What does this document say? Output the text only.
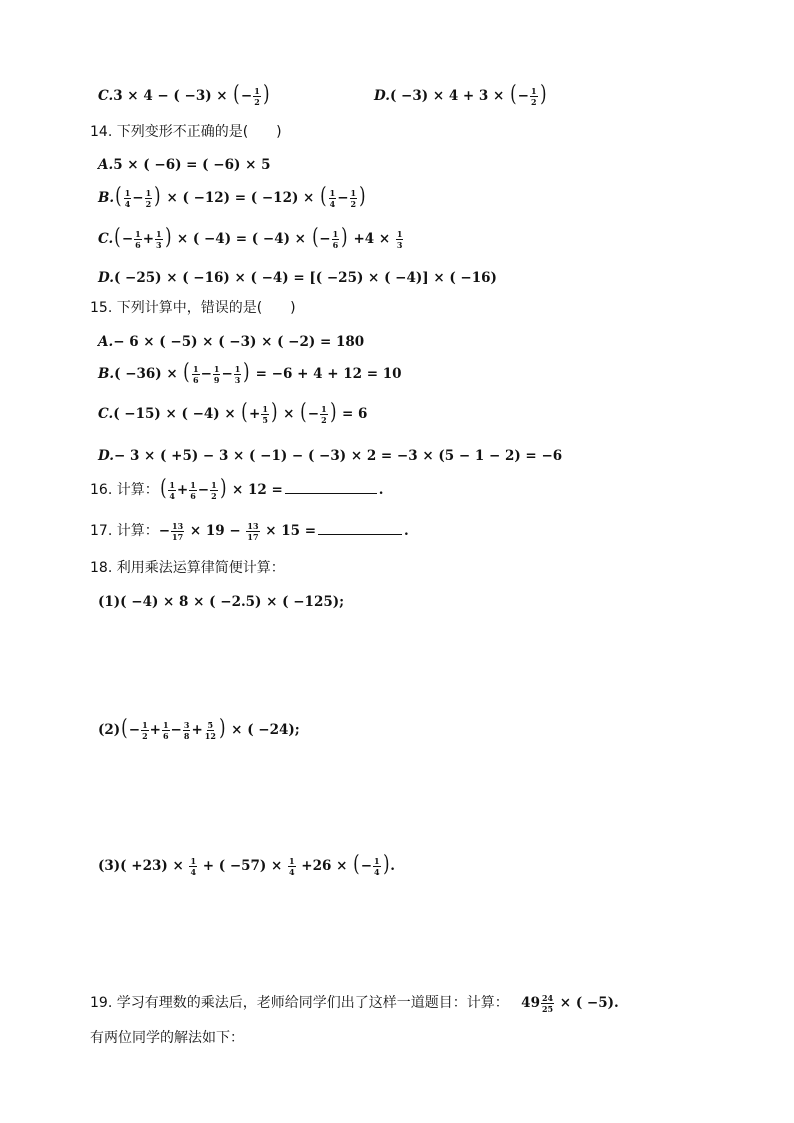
C.3 × 4 − ( −3) × (− $\frac{1}{2}$ )	D.( −3) × 4 + 3 × (− $\frac{1}{2}$ )
14. 下列变形不正确的是(　　)
A.5 × ( −6) = ( −6) × 5
$B.( \frac{1}{4} - \frac{1}{2}$ ) × ( −12) = ( −12) × ( $\frac{1}{4} - \frac{1}{2}$ )
$C.(- \frac{1}{6} + \frac{1}{3}$ ) × ( −4) = ( −4) × (− $\frac{1}{6}$ ) $+4 \times \frac{1}{3}$
D.( −25) × ( −16) × ( −4) = [( −25) × ( −4)] × ( −16)
15. 下列计算中，错误的是(　　)
A.− 6 × ( −5) × ( −3) × ( −2) = 180
B.( −36) × ( $\frac{1}{6} - \frac{1}{9} - \frac{1}{3}$ ) = −6 + 4 + 12 = 10
C.( −15) × ( −4) × (+ $\frac{1}{5}$ ) × (− $\frac{1}{2}$ ) = 6
D.− 3 × ( +5) − 3 × ( −1) − ( −3) × 2 = −3 × (5 − 1 − 2) = −6
16. 计算：( $\frac{1}{4} + \frac{1}{6} - \frac{1}{2}$ ) × 12 =	.
17. 计算：− $\frac{13}{17} \times 19 - \frac{13}{17} \times 15$ =	.
18. 利用乘法运算律简便计算：
(1)( −4) × 8 × ( −2.5) × ( −125);
$(2)(- \frac{1}{2} + \frac{1}{6} - \frac{3}{8} + \frac{5}{12}$ ) × ( −24);
$(3)( +23) \times \frac{1}{4}$ + ( $-57) \times \frac{1}{4} +26$ × (− $\frac{1}{4}$ ).
19. 学习有理数的乘法后，老师给同学们出了这样一道题目：计算： $49 \frac{24}{25}$ × ( −5).
有两位同学的解法如下：
